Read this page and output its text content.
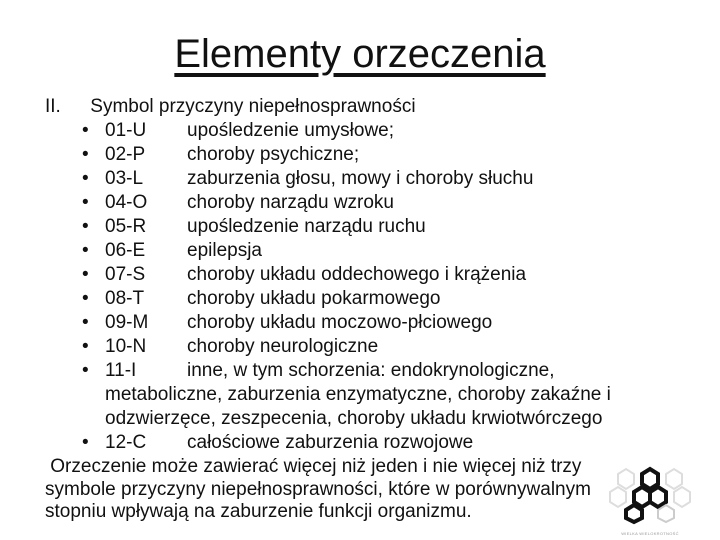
Elementy orzeczenia
II. Symbol przyczyny niepełnosprawności
• 01-U upośledzenie umysłowe;
• 02-P choroby psychiczne;
• 03-L zaburzenia głosu, mowy i choroby słuchu
• 04-O choroby narządu wzroku
• 05-R upośledzenie narządu ruchu
• 06-E epilepsja
• 07-S choroby układu oddechowego i krążenia
• 08-T choroby układu pokarmowego
• 09-M choroby układu moczowo-płciowego
• 10-N choroby neurologiczne
• 11-I	inne, w tym schorzenia: endokrynologiczne,
metaboliczne, zaburzenia enzymatyczne, choroby zakaźne i
odzwierzęce, zeszpecenia, choroby układu krwiotwórczego
• 12-C całościowe zaburzenia rozwojowe
Orzeczenie może zawierać więcej niż jeden i nie więcej niż trzy
symbole przyczyny niepełnosprawności, które w porównywalnym
stopniu wpływają na zaburzenie funkcji organizmu.
WIELKA WIELOKROTNOŚĆ
